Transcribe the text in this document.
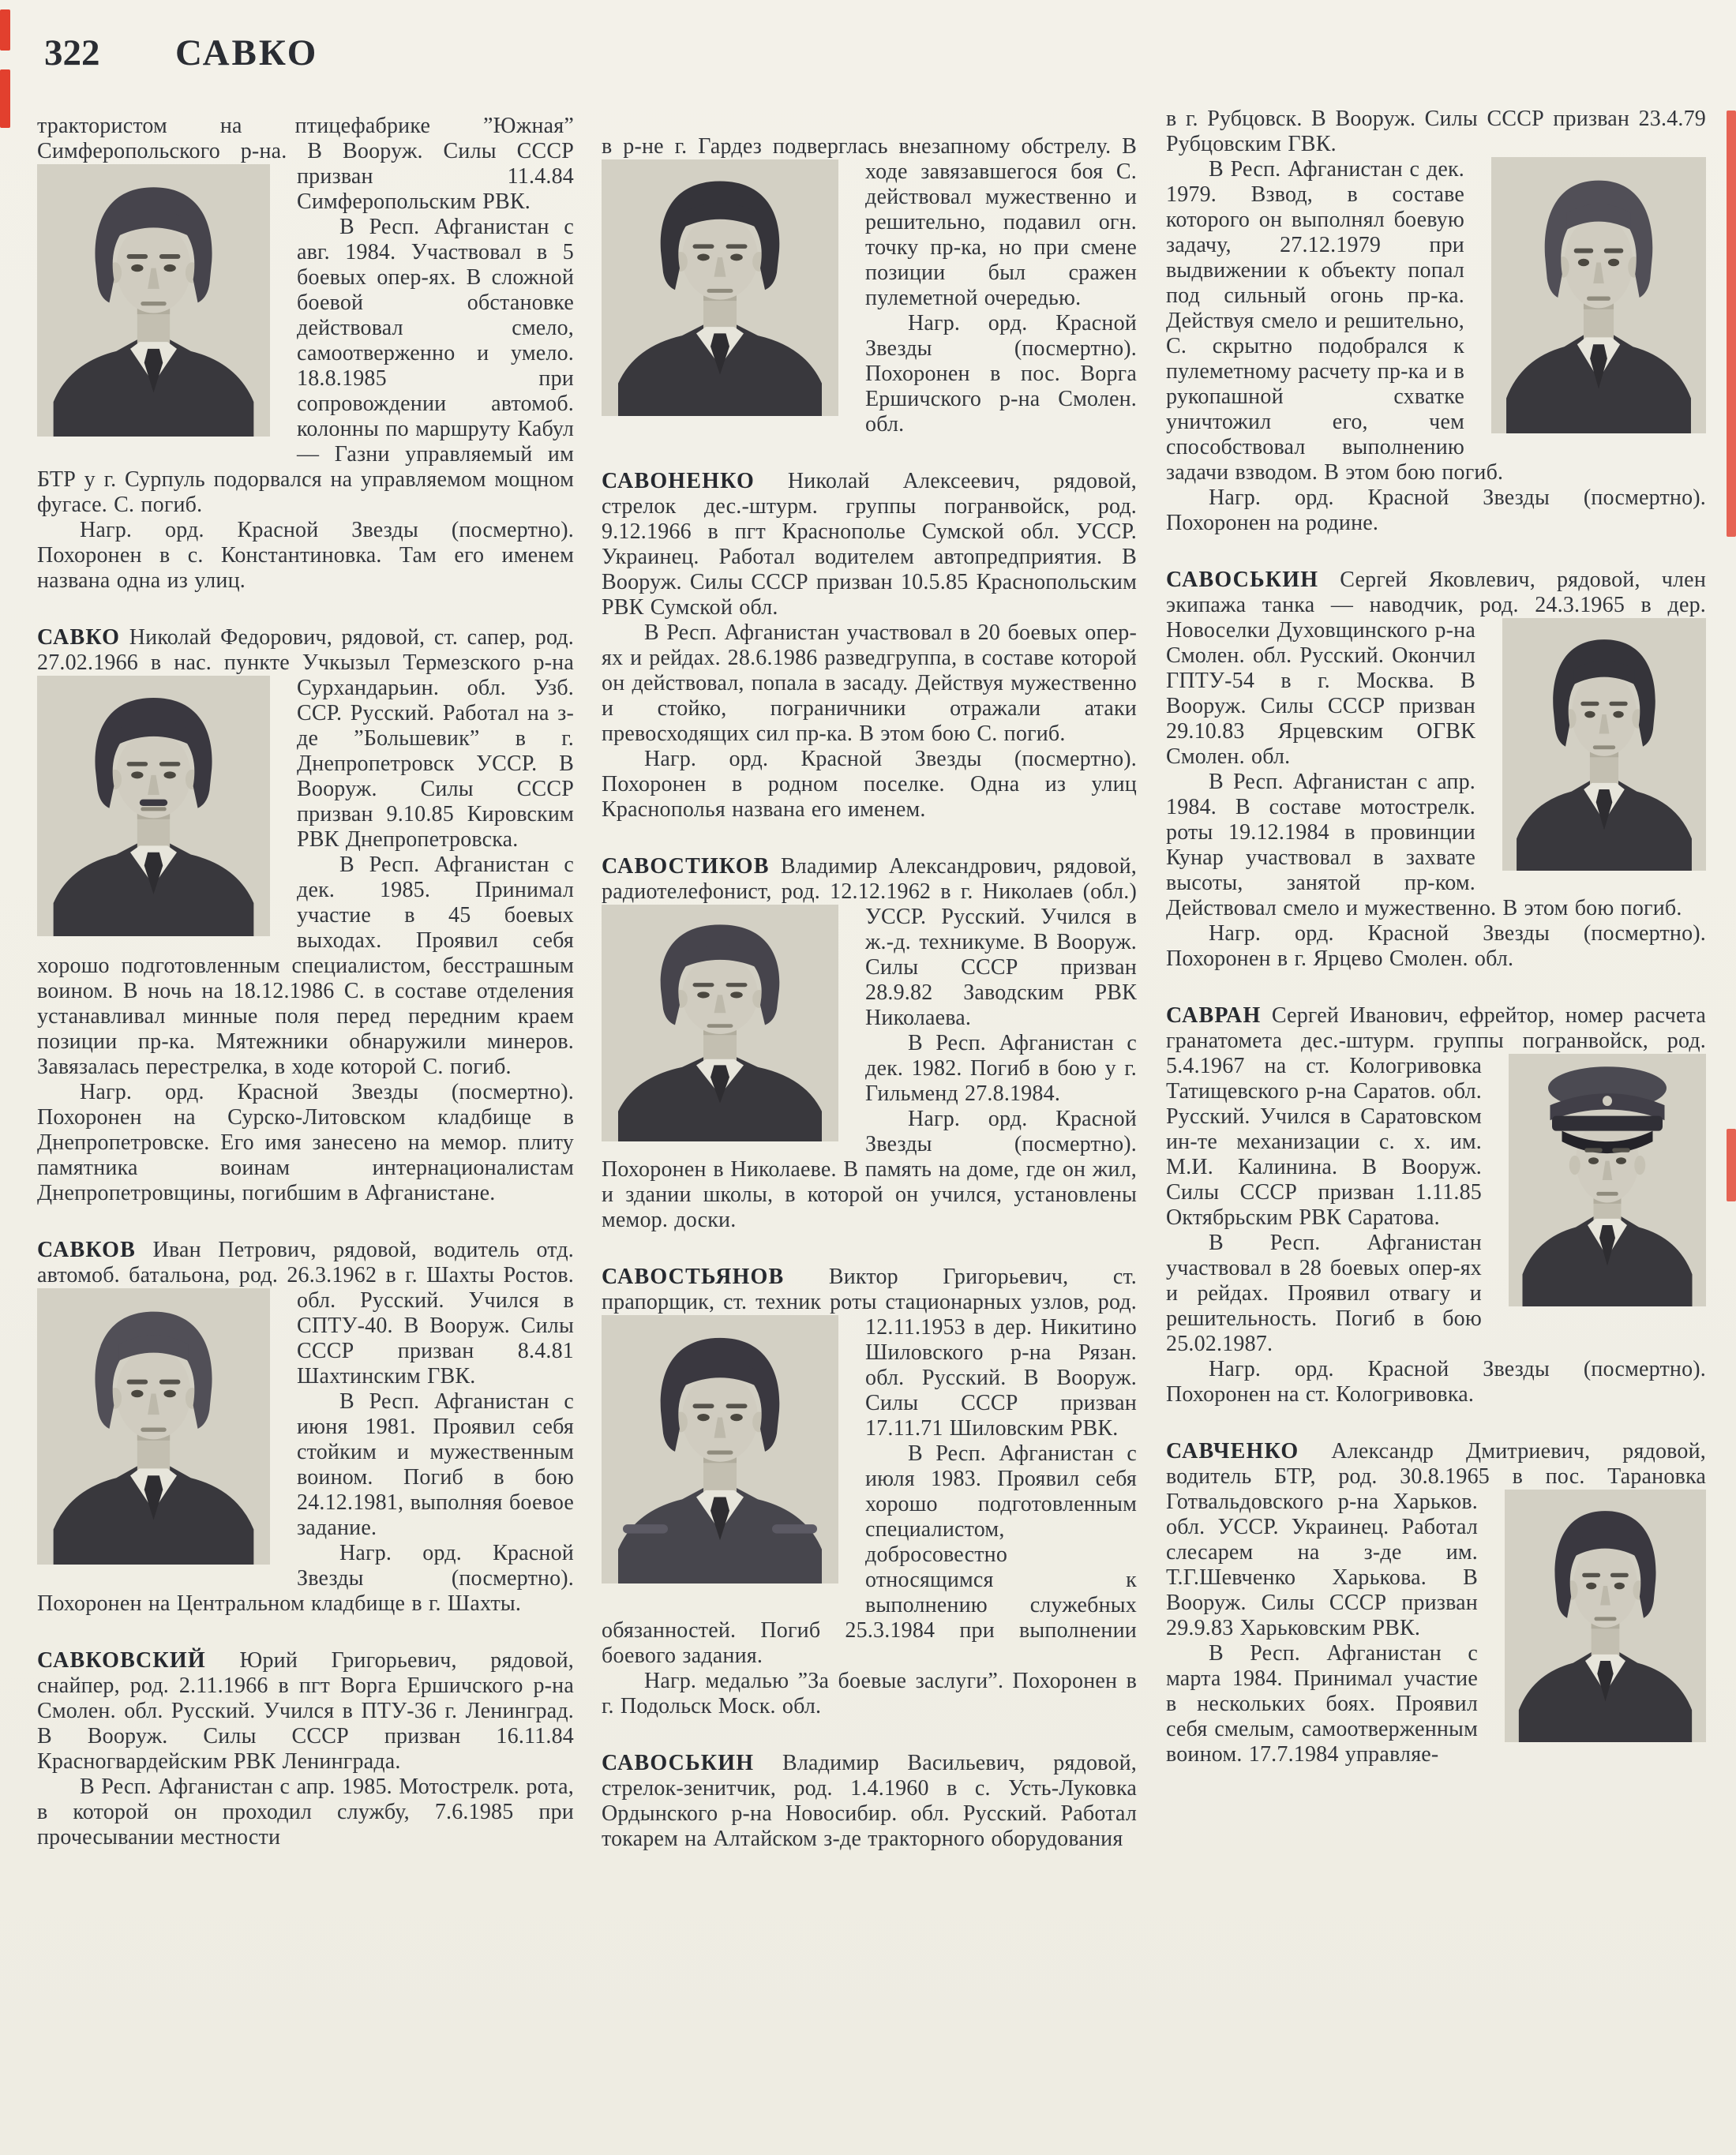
322 САВКО

трактористом на птицефабрике ”Южная” Симферопольского р-на. В Вооруж. Силы СССР призван 11.4.84 Симферопольским РВК.

В Респ. Афганистан с авг. 1984. Участвовал в 5 боевых опер-ях. В сложной боевой обстановке действовал смело, самоотверженно и умело. 18.8.1985 при сопровождении автомоб. колонны по маршруту Кабул — Газни управляемый им БТР у г. Сурпуль подорвался на управляемом мощном фугасе. С. погиб.

Нагр. орд. Красной Звезды (посмертно). Похоронен в с. Константиновка. Там его именем названа одна из улиц.

САВКО Николай Федорович, рядовой, ст. сапер, род. 27.02.1966 в нас. пункте Учкызыл Термезского р-на Сурхандарьин. обл. Узб. ССР. Русский. Работал на з-де ”Большевик” в г. Днепропетровск УССР. В Вооруж. Силы СССР призван 9.10.85 Кировским РВК Днепропетровска.

В Респ. Афганистан с дек. 1985. Принимал участие в 45 боевых выходах. Проявил себя хорошо подготовленным специалистом, бесстрашным воином. В ночь на 18.12.1986 С. в составе отделения устанавливал минные поля перед передним краем позиции пр-ка. Мятежники обнаружили минеров. Завязалась перестрелка, в ходе которой С. погиб.

Нагр. орд. Красной Звезды (посмертно). Похоронен на Сурско-Литовском кладбище в Днепропетровске. Его имя занесено на мемор. плиту памятника воинам интернационалистам Днепропетровщины, погибшим в Афганистане.

САВКОВ Иван Петрович, рядовой, водитель отд. автомоб. батальона, род. 26.3.1962 в г. Шахты Ростов. обл. Русский. Учился в СПТУ-40. В Вооруж. Силы СССР призван 8.4.81 Шахтинским ГВК.

В Респ. Афганистан с июня 1981. Проявил себя стойким и мужественным воином. Погиб в бою 24.12.1981, выполняя боевое задание.

Нагр. орд. Красной Звезды (посмертно). Похоронен на Центральном кладбище в г. Шахты.

САВКОВСКИЙ Юрий Григорьевич, рядовой, снайпер, род. 2.11.1966 в пгт Ворга Ершичского р-на Смолен. обл. Русский. Учился в ПТУ-36 г. Ленинград. В Вооруж. Силы СССР призван 16.11.84 Красногвардейским РВК Ленинграда.

В Респ. Афганистан с апр. 1985. Мотострелк. рота, в которой он проходил службу, 7.6.1985 при прочесывании местности

в р-не г. Гардез подверглась внезапному обстрелу. В ходе завязавшегося боя С. действовал мужественно и решительно, подавил огн. точку пр-ка, но при смене позиции был сражен пулеметной очередью.

Нагр. орд. Красной Звезды (посмертно). Похоронен в пос. Ворга Ершичского р-на Смолен. обл.

САВОНЕНКО Николай Алексеевич, рядовой, стрелок дес.-штурм. группы погранвойск, род. 9.12.1966 в пгт Краснополье Сумской обл. УССР. Украинец. Работал водителем автопредприятия. В Вооруж. Силы СССР призван 10.5.85 Краснопольским РВК Сумской обл.

В Респ. Афганистан участвовал в 20 боевых опер-ях и рейдах. 28.6.1986 разведгруппа, в составе которой он действовал, попала в засаду. Действуя мужественно и стойко, пограничники отражали атаки превосходящих сил пр-ка. В этом бою С. погиб.

Нагр. орд. Красной Звезды (посмертно). Похоронен в родном поселке. Одна из улиц Краснополья названа его именем.

САВОСТИКОВ Владимир Александрович, рядовой, радиотелефонист, род. 12.12.1962 в г. Николаев (обл.) УССР. Русский. Учился в ж.-д. техникуме. В Вооруж. Силы СССР призван 28.9.82 Заводским РВК Николаева.

В Респ. Афганистан с дек. 1982. Погиб в бою у г. Гильменд 27.8.1984.

Нагр. орд. Красной Звезды (посмертно). Похоронен в Николаеве. В память на доме, где он жил, и здании школы, в которой он учился, установлены мемор. доски.

САВОСТЬЯНОВ Виктор Григорьевич, ст. прапорщик, ст. техник роты стационарных узлов, род. 12.11.1953 в дер. Никитино Шиловского р-на Рязан. обл. Русский. В Вооруж. Силы СССР призван 17.11.71 Шиловским РВК.

В Респ. Афганистан с июля 1983. Проявил себя хорошо подготовленным специалистом, добросовестно относящимся к выполнению служебных обязанностей. Погиб 25.3.1984 при выполнении боевого задания.

Нагр. медалью ”За боевые заслуги”. Похоронен в г. Подольск Моск. обл.

САВОСЬКИН Владимир Васильевич, рядовой, стрелок-зенитчик, род. 1.4.1960 в с. Усть-Луковка Ордынского р-на Новосибир. обл. Русский. Работал токарем на Алтайском з-де тракторного оборудования

в г. Рубцовск. В Вооруж. Силы СССР призван 23.4.79 Рубцовским ГВК.

В Респ. Афганистан с дек. 1979. Взвод, в составе которого он выполнял боевую задачу, 27.12.1979 при выдвижении к объекту попал под сильный огонь пр-ка. Действуя смело и решительно, С. скрытно подобрался к пулеметному расчету пр-ка и в рукопашной схватке уничтожил его, чем способствовал выполнению задачи взводом. В этом бою погиб.

Нагр. орд. Красной Звезды (посмертно). Похоронен на родине.

САВОСЬКИН Сергей Яковлевич, рядовой, член экипажа танка — наводчик, род. 24.3.1965 в дер. Новоселки Духовщинского р-на Смолен. обл. Русский. Окончил ГПТУ-54 в г. Москва. В Вооруж. Силы СССР призван 29.10.83 Ярцевским ОГВК Смолен. обл.

В Респ. Афганистан с апр. 1984. В составе мотострелк. роты 19.12.1984 в провинции Кунар участвовал в захвате высоты, занятой пр-ком. Действовал смело и мужественно. В этом бою погиб.

Нагр. орд. Красной Звезды (посмертно). Похоронен в г. Ярцево Смолен. обл.

САВРАН Сергей Иванович, ефрейтор, номер расчета гранатомета дес.-штурм. группы погранвойск, род. 5.4.1967 на ст. Кологривовка Татищевского р-на Саратов. обл. Русский. Учился в Саратовском ин-те механизации с. х. им. М.И. Калинина. В Вооруж. Силы СССР призван 1.11.85 Октябрьским РВК Саратова.

В Респ. Афганистан участвовал в 28 боевых опер-ях и рейдах. Проявил отвагу и решительность. Погиб в бою 25.02.1987.

Нагр. орд. Красной Звезды (посмертно). Похоронен на ст. Кологривовка.

САВЧЕНКО Александр Дмитриевич, рядовой, водитель БТР, род. 30.8.1965 в пос. Тарановка Готвальдовского р-на Харьков. обл. УССР. Украинец. Работал слесарем на з-де им. Т.Г.Шевченко Харькова. В Вооруж. Силы СССР призван 29.9.83 Харьковским РВК.

В Респ. Афганистан с марта 1984. Принимал участие в нескольких боях. Проявил себя смелым, самоотверженным воином. 17.7.1984 управляе-
